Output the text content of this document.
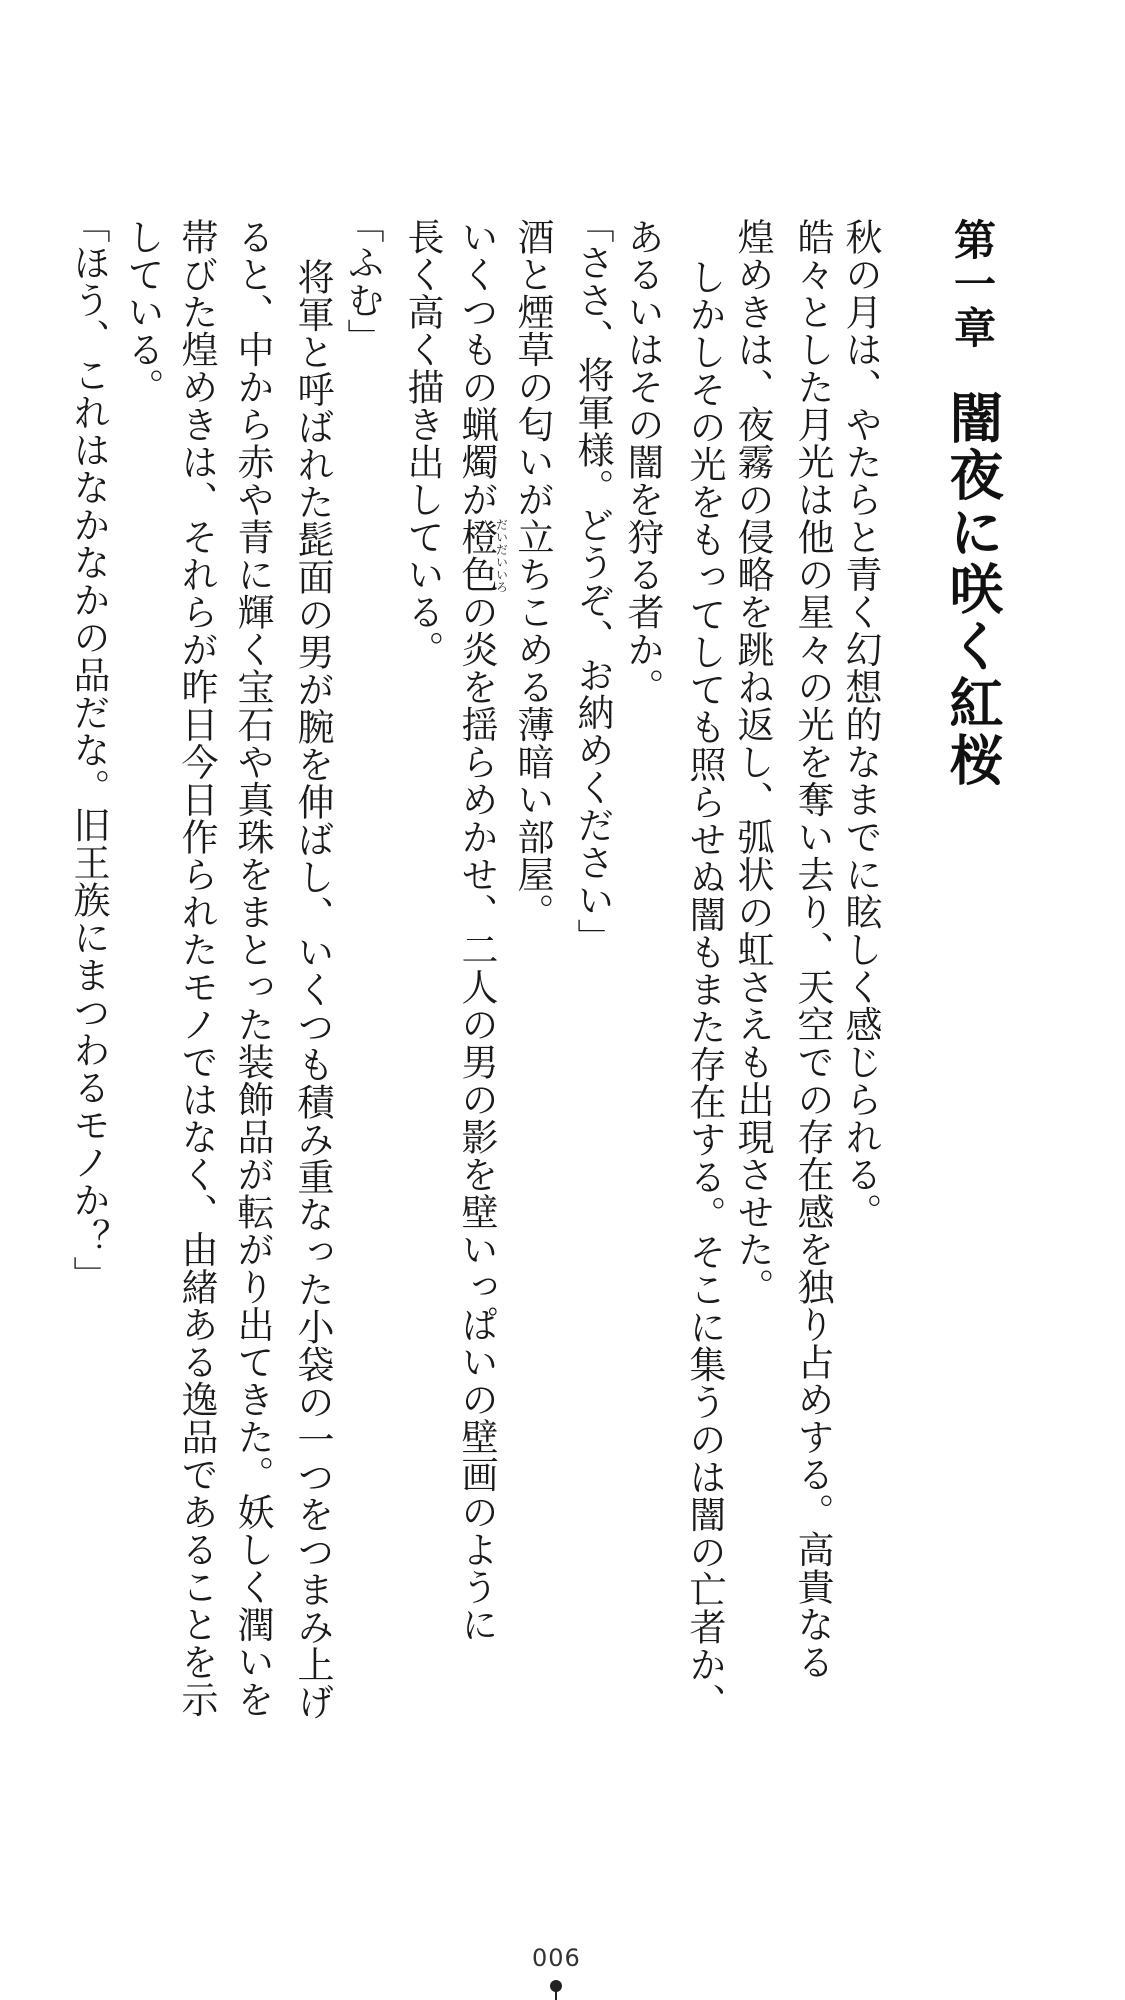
第一章闇夜に咲く紅桜
秋の月は、やたらと青く幻想的なまでに眩しく感じられる。
皓々とした月光は他の星々の光を奪い去り、天空での存在感を独り占めする。高貴なる
煌めきは、夜霧の侵略を跳ね返し、弧状の虹さえも出現させた。
しかしその光をもってしても照らせぬ闇もまた存在する。そこに集うのは闇の亡者か、
あるいはその闇を狩る者か。
「ささ、将軍様。どうぞ、お納めください」
酒と煙草の匂いが立ちこめる薄暗い部屋。
いくつもの蝋燭が橙色だいだいいろの炎を揺らめかせ、二人の男の影を壁いっぱいの壁画のように
長く高く描き出している。
「ふむ」
将軍と呼ばれた髭面の男が腕を伸ばし、いくつも積み重なった小袋の一つをつまみ上げ
ると、中から赤や青に輝く宝石や真珠をまとった装飾品が転がり出てきた。妖しく潤いを
帯びた煌めきは、それらが昨日今日作られたモノではなく、由緒ある逸品であることを示
している。
「ほう、これはなかなかの品だな。旧王族にまつわるモノか？」
006
